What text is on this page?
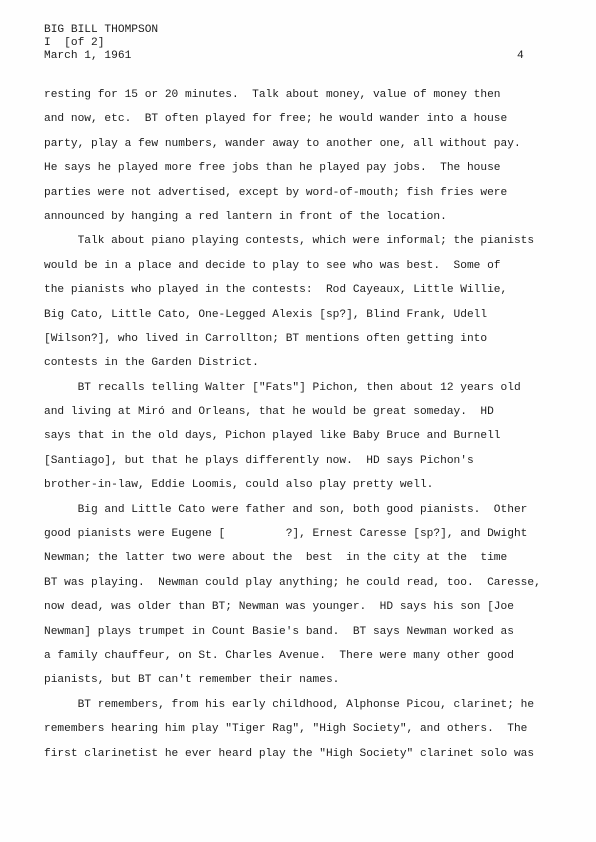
BIG BILL THOMPSON
I  [of 2]
March 1, 1961	4
resting for 15 or 20 minutes.  Talk about money, value of money then
and now, etc.  BT often played for free; he would wander into a house
party, play a few numbers, wander away to another one, all without pay.
He says he played more free jobs than he played pay jobs.  The house
parties were not advertised, except by word-of-mouth; fish fries were
announced by hanging a red lantern in front of the location.
Talk about piano playing contests, which were informal; the pianists
would be in a place and decide to play to see who was best.  Some of
the pianists who played in the contests:  Rod Cayeaux, Little Willie,
Big Cato, Little Cato, One-Legged Alexis [sp?], Blind Frank, Udell
[Wilson?], who lived in Carrollton; BT mentions often getting into
contests in the Garden District.
BT recalls telling Walter ["Fats"] Pichon, then about 12 years old
and living at Miró and Orleans, that he would be great someday.  HD
says that in the old days, Pichon played like Baby Bruce and Burnell
[Santiago], but that he plays differently now.  HD says Pichon's
brother-in-law, Eddie Loomis, could also play pretty well.
Big and Little Cato were father and son, both good pianists.  Other
good pianists were Eugene [         ?], Ernest Caresse [sp?], and Dwight
Newman; the latter two were about the  best  in the city at the  time
BT was playing.  Newman could play anything; he could read, too.  Caresse,
now dead, was older than BT; Newman was younger.  HD says his son [Joe
Newman] plays trumpet in Count Basie's band.  BT says Newman worked as
a family chauffeur, on St. Charles Avenue.  There were many other good
pianists, but BT can't remember their names.
BT remembers, from his early childhood, Alphonse Picou, clarinet; he
remembers hearing him play "Tiger Rag", "High Society", and others.  The
first clarinetist he ever heard play the "High Society" clarinet solo was
